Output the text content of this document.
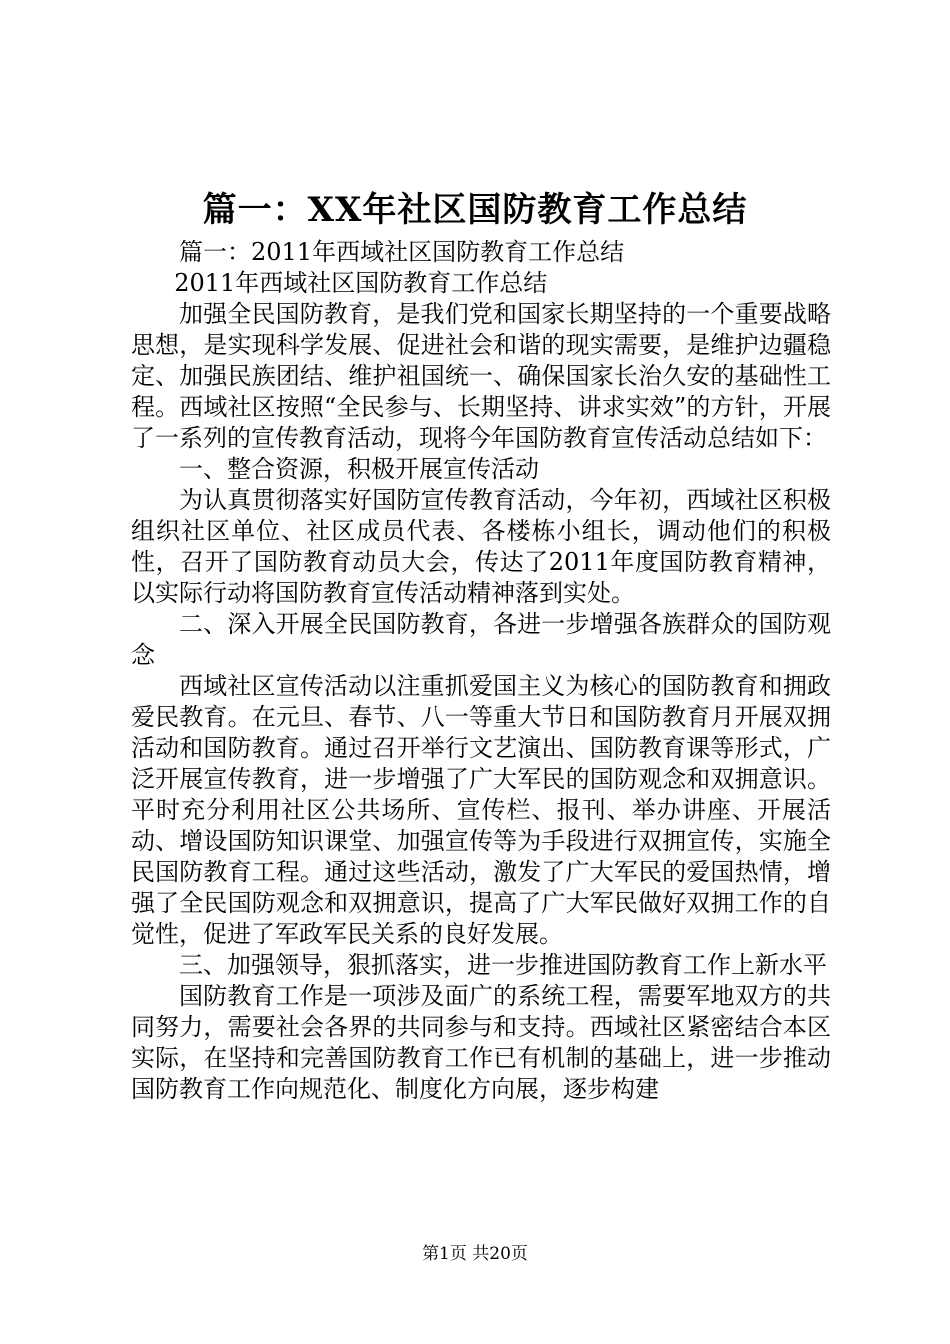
篇一：XX年社区国防教育工作总结

篇一：2011年西域社区国防教育工作总结

2011年西域社区国防教育工作总结

加强全民国防教育，是我们党和国家长期坚持的一个重要战略思想，是实现科学发展、促进社会和谐的现实需要，是维护边疆稳定、加强民族团结、维护祖国统一、确保国家长治久安的基础性工程。西域社区按照“全民参与、长期坚持、讲求实效”的方针，开展了一系列的宣传教育活动，现将今年国防教育宣传活动总结如下：

一、整合资源，积极开展宣传活动

为认真贯彻落实好国防宣传教育活动，今年初，西域社区积极组织社区单位、社区成员代表、各楼栋小组长，调动他们的积极性，召开了国防教育动员大会，传达了2011年度国防教育精神，以实际行动将国防教育宣传活动精神落到实处。

二、深入开展全民国防教育，各进一步增强各族群众的国防观念

西域社区宣传活动以注重抓爱国主义为核心的国防教育和拥政爱民教育。在元旦、春节、八一等重大节日和国防教育月开展双拥活动和国防教育。通过召开举行文艺演出、国防教育课等形式，广泛开展宣传教育，进一步增强了广大军民的国防观念和双拥意识。平时充分利用社区公共场所、宣传栏、报刊、举办讲座、开展活动、增设国防知识课堂、加强宣传等为手段进行双拥宣传，实施全民国防教育工程。通过这些活动，激发了广大军民的爱国热情，增强了全民国防观念和双拥意识，提高了广大军民做好双拥工作的自觉性，促进了军政军民关系的良好发展。

三、加强领导，狠抓落实，进一步推进国防教育工作上新水平

国防教育工作是一项涉及面广的系统工程，需要军地双方的共同努力，需要社会各界的共同参与和支持。西域社区紧密结合本区实际，在坚持和完善国防教育工作已有机制的基础上，进一步推动国防教育工作向规范化、制度化方向展，逐步构建

第1页 共20页
